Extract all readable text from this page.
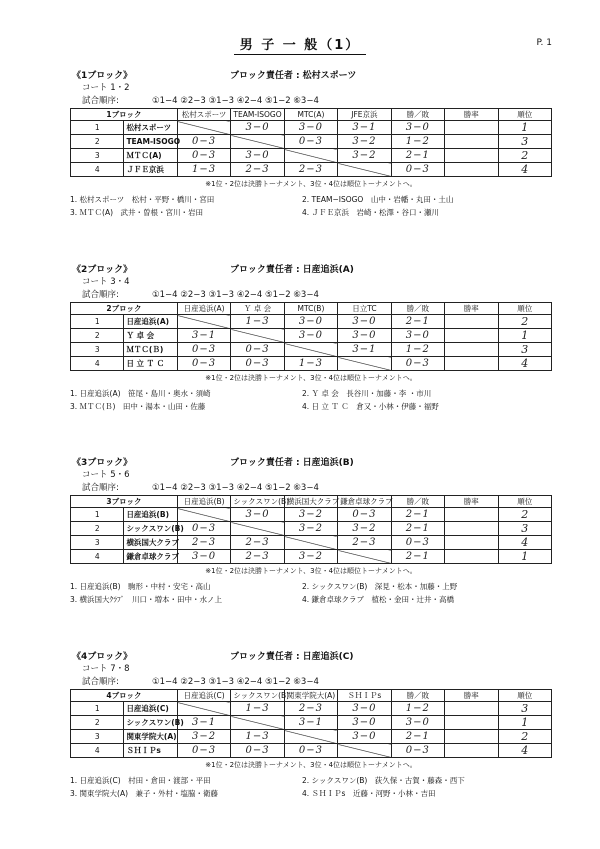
男 子 一 般（1）	P. 1
《1ブロック》	ブロック責任者 : 松村スポーツ
コート 1・2
試合順序:	①1−4 ②2−3 ③1−3 ④2−4 ⑤1−2 ⑥3−4
1ブロック		松村スポーツ	TEAM-ISOGO	MTC(A)	JFE京浜	勝／敗	勝率	順位
1	松村スポーツ		3−0	3−0	3−1	3−0		1
2	TEAM-ISOGO	0−3		0−3	3−2	1−2		3
3	ＭＴＣ(A)	0−3	3−0		3−2	2−1		2
4	ＪＦＥ京浜	1−3	2−3	2−3		0−3		4
※1位・2位は決勝トーナメント、3位・4位は順位トーナメントへ。
1. 松村スポーツ　松村・平野・橋川・宮田	2. TEAM−ISOGO　山中・岩幡・丸田・土山
3. ＭＴＣ(A)　武井・曽根・宮川・岩田	4. ＪＦＥ京浜　岩崎・松澤・谷口・瀬川
《2ブロック》	ブロック責任者 : 日産追浜(A)
コート 3・4
試合順序:	①1−4 ②2−3 ③1−3 ④2−4 ⑤1−2 ⑥3−4
2ブロック		日産追浜(A)	Ｙ 卓 会	MTC(B)	日立TC	勝／敗	勝率	順位
1	日産追浜(A)		1−3	3−0	3−0	2−1		2
2	Ｙ 卓 会	3−1		3−0	3−0	3−0		1
3	ＭＴＣ(Ｂ)	0−3	0−3		3−1	1−2		3
4	日 立 Ｔ Ｃ	0−3	0−3	1−3		0−3		4
※1位・2位は決勝トーナメント、3位・4位は順位トーナメントへ。
1. 日産追浜(A)　笹尾・島川・奥水・須崎	2. Ｙ 卓 会　長谷川・加藤・李 ・市川
3. ＭＴＣ(Ｂ)　田中・湯本・山田・佐藤	4. 日 立 Ｔ Ｃ　倉又・小林・伊藤・福野
《3ブロック》	ブロック責任者 : 日産追浜(B)
コート 5・6
試合順序:	①1−4 ②2−3 ③1−3 ④2−4 ⑤1−2 ⑥3−4
3ブロック		日産追浜(B)	シックスワン(B)	横浜国大クラブ	鎌倉卓球クラブ	勝／敗	勝率	順位
1	日産追浜(B)		3−0	3−2	0−3	2−1		2
2	シックスワン(B)	0−3		3−2	3−2	2−1		3
3	横浜国大クラブ	2−3	2−3		2−3	0−3		4
4	鎌倉卓球クラブ	3−0	2−3	3−2		2−1		1
※1位・2位は決勝トーナメント、3位・4位は順位トーナメントへ。
1. 日産追浜(B)　駒形・中村・安宅・高山	2. シックスワン(B)　深見・松本・加藤・上野
3. 横浜国大ｸﾗﾌﾞ　川口・増本・田中・水ノ上	4. 鎌倉卓球クラブ　植松・金田・辻井・高橋
《4ブロック》	ブロック責任者 : 日産追浜(C)
コート 7・8
試合順序:	①1−4 ②2−3 ③1−3 ④2−4 ⑤1−2 ⑥3−4
4ブロック		日産追浜(C)	シックスワン(B)	関東学院大(A)	ＳＨＩＰs	勝／敗	勝率	順位
1	日産追浜(C)		1−3	2−3	3−0	1−2		3
2	シックスワン(B)	3−1		3−1	3−0	3−0		1
3	関東学院大(A)	3−2	1−3		3−0	2−1		2
4	ＳＨＩＰs	0−3	0−3	0−3		0−3		4
※1位・2位は決勝トーナメント、3位・4位は順位トーナメントへ。
1. 日産追浜(C)　村田・倉田・渡部・平田	2. シックスワン(B)　荻久保・古賀・藤森・西下
3. 関東学院大(A)　兼子・外村・塩脇・衛藤	4. ＳＨＩＰs　近藤・河野・小林・吉田
